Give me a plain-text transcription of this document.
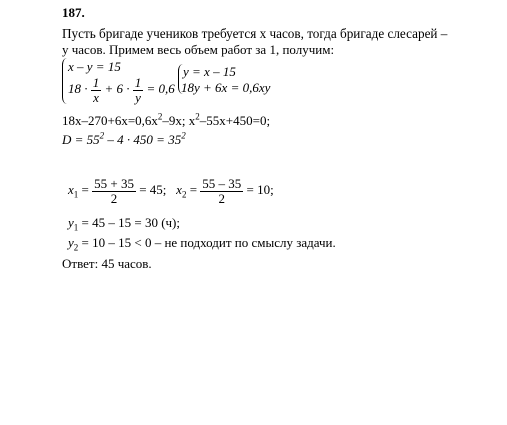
187.
Пусть бригаде учеников требуется x часов, тогда бригаде слесарей –
y часов. Примем весь объем работ за 1, получим:
x – y = 15
$18 \cdot \frac{1}{x} + 6 \cdot \frac{1}{y} = 0,6$
y = x – 15
18y + 6x = 0,6xy
$18x-270+6x=0,6x^2-9x$; $x^2-55x+450=0$;
$D = 55^2 - 4 \cdot 450 = 35^2$
$x_1 = \frac{55 + 35}{2} = 45$; $x_2 = \frac{55 - 35}{2} = 10$;
$y_1 = 45 - 15 = 30$ (ч);
$y_2 = 10 - 15 < 0$ – не подходит по смыслу задачи.
Ответ: 45 часов.
